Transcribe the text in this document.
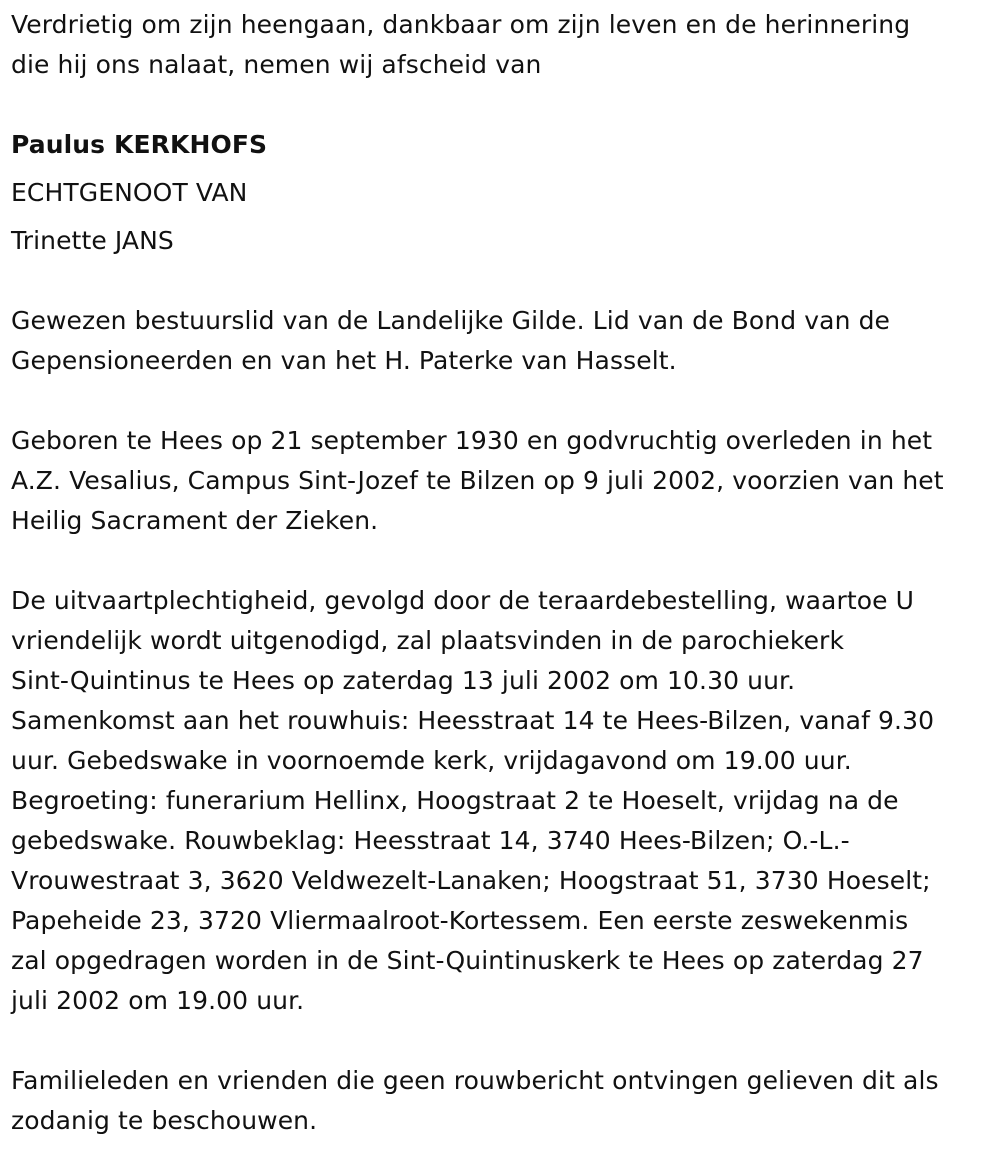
Verdrietig om zijn heengaan, dankbaar om zijn leven en de herinnering
die hij ons nalaat, nemen wij afscheid van
Paulus KERKHOFS
ECHTGENOOT VAN
Trinette JANS
Gewezen bestuurslid van de Landelijke Gilde. Lid van de Bond van de
Gepensioneerden en van het H. Paterke van Hasselt.
Geboren te Hees op 21 september 1930 en godvruchtig overleden in het
A.Z. Vesalius, Campus Sint-Jozef te Bilzen op 9 juli 2002, voorzien van het
Heilig Sacrament der Zieken.
De uitvaartplechtigheid, gevolgd door de teraardebestelling, waartoe U
vriendelijk wordt uitgenodigd, zal plaatsvinden in de parochiekerk
Sint-Quintinus te Hees op zaterdag 13 juli 2002 om 10.30 uur.
Samenkomst aan het rouwhuis: Heesstraat 14 te Hees-Bilzen, vanaf 9.30
uur. Gebedswake in voornoemde kerk, vrijdagavond om 19.00 uur.
Begroeting: funerarium Hellinx, Hoogstraat 2 te Hoeselt, vrijdag na de
gebedswake. Rouwbeklag: Heesstraat 14, 3740 Hees-Bilzen; O.-L.-
Vrouwestraat 3, 3620 Veldwezelt-Lanaken; Hoogstraat 51, 3730 Hoeselt;
Papeheide 23, 3720 Vliermaalroot-Kortessem. Een eerste zeswekenmis
zal opgedragen worden in de Sint-Quintinuskerk te Hees op zaterdag 27
juli 2002 om 19.00 uur.
Familieleden en vrienden die geen rouwbericht ontvingen gelieven dit als
zodanig te beschouwen.
